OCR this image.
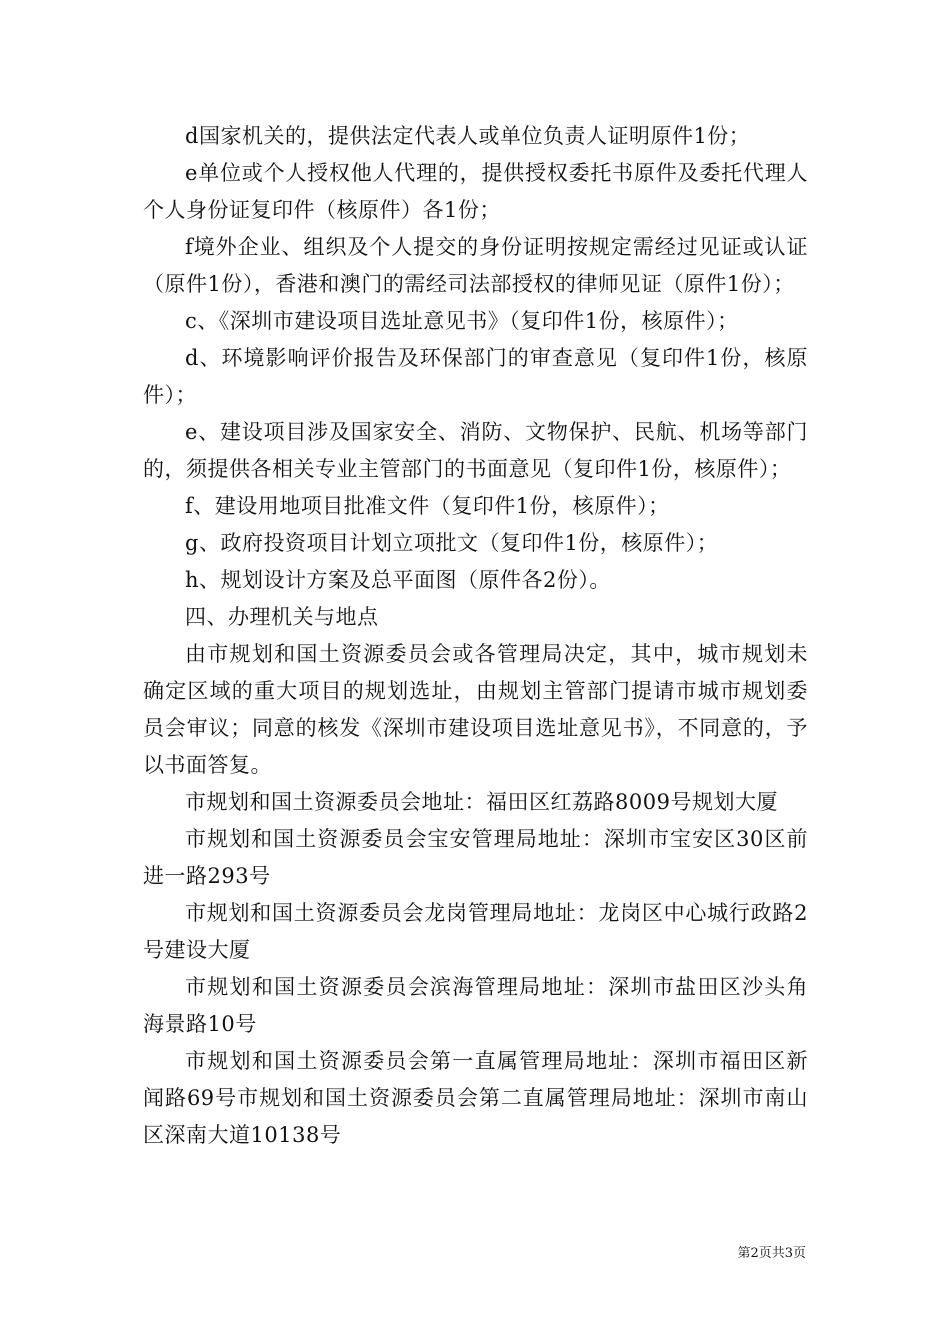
d国家机关的，提供法定代表人或单位负责人证明原件1份；

e单位或个人授权他人代理的，提供授权委托书原件及委托代理人个人身份证复印件（核原件）各1份；

f境外企业、组织及个人提交的身份证明按规定需经过见证或认证（原件1份），香港和澳门的需经司法部授权的律师见证（原件1份）；

c、《深圳市建设项目选址意见书》（复印件1份，核原件）；

d、环境影响评价报告及环保部门的审查意见（复印件1份，核原件）；

e、建设项目涉及国家安全、消防、文物保护、民航、机场等部门的，须提供各相关专业主管部门的书面意见（复印件1份，核原件）；

f、建设用地项目批准文件（复印件1份，核原件）；

g、政府投资项目计划立项批文（复印件1份，核原件）；

h、规划设计方案及总平面图（原件各2份）。

四、办理机关与地点

由市规划和国土资源委员会或各管理局决定，其中，城市规划未确定区域的重大项目的规划选址，由规划主管部门提请市城市规划委员会审议；同意的核发《深圳市建设项目选址意见书》，不同意的，予以书面答复。

市规划和国土资源委员会地址：福田区红荔路8009号规划大厦

市规划和国土资源委员会宝安管理局地址：深圳市宝安区30区前进一路293号

市规划和国土资源委员会龙岗管理局地址：龙岗区中心城行政路2号建设大厦

市规划和国土资源委员会滨海管理局地址：深圳市盐田区沙头角海景路10号

市规划和国土资源委员会第一直属管理局地址：深圳市福田区新闻路69号市规划和国土资源委员会第二直属管理局地址：深圳市南山区深南大道10138号

第2页共3页
